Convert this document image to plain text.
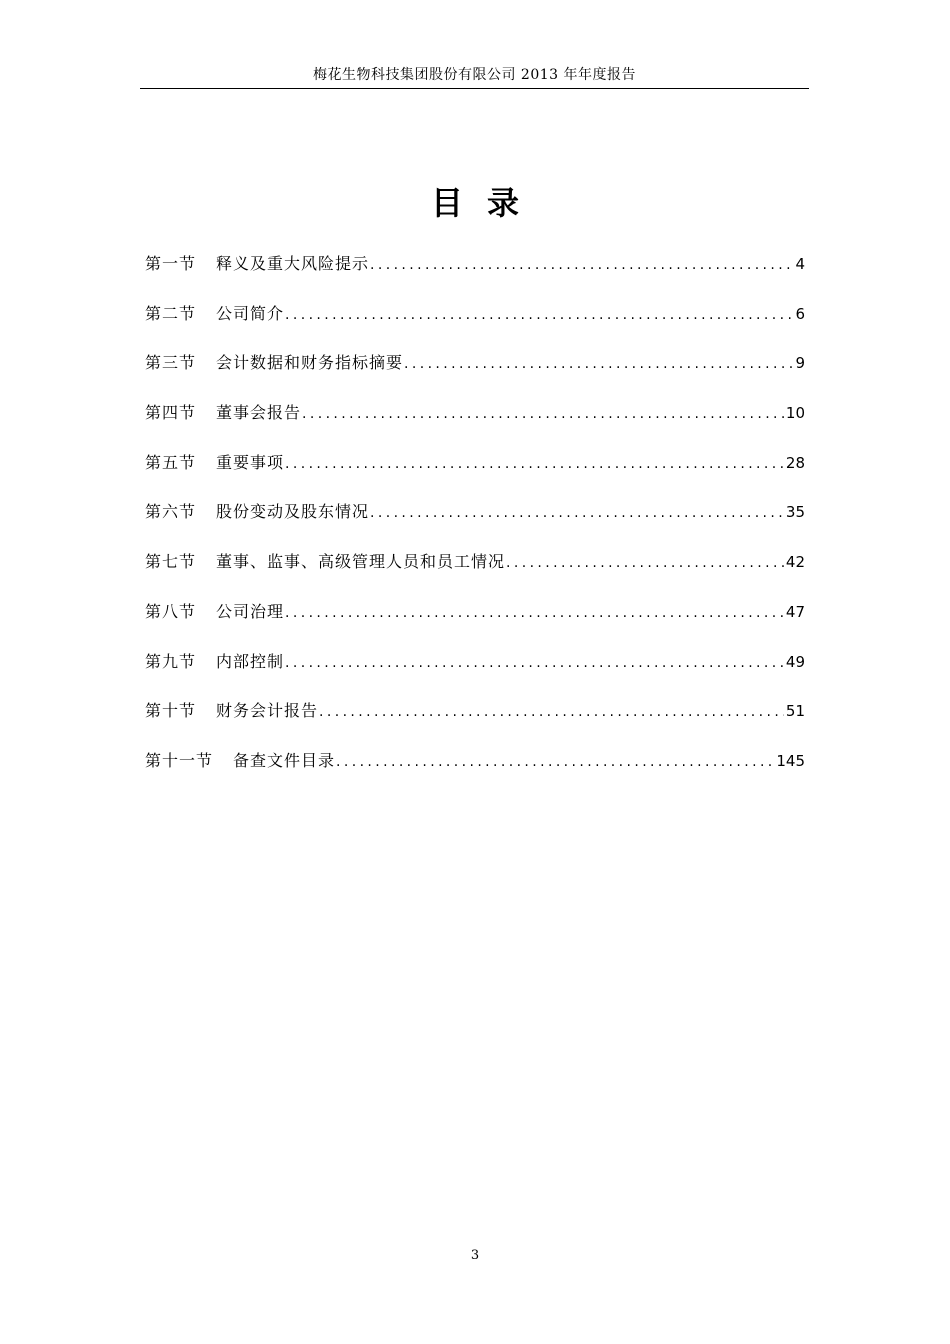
梅花生物科技集团股份有限公司 2013 年年度报告
目录
第一节 释义及重大风险提示 .....	4
第二节 公司简介 .....	6
第三节 会计数据和财务指标摘要 .....	9
第四节 董事会报告 .....	10
第五节 重要事项 .....	28
第六节 股份变动及股东情况 .....	35
第七节 董事、监事、高级管理人员和员工情况 .....	42
第八节 公司治理 .....	47
第九节 内部控制 .....	49
第十节 财务会计报告 .....	51
第十一节 备查文件目录 .....	145
3
